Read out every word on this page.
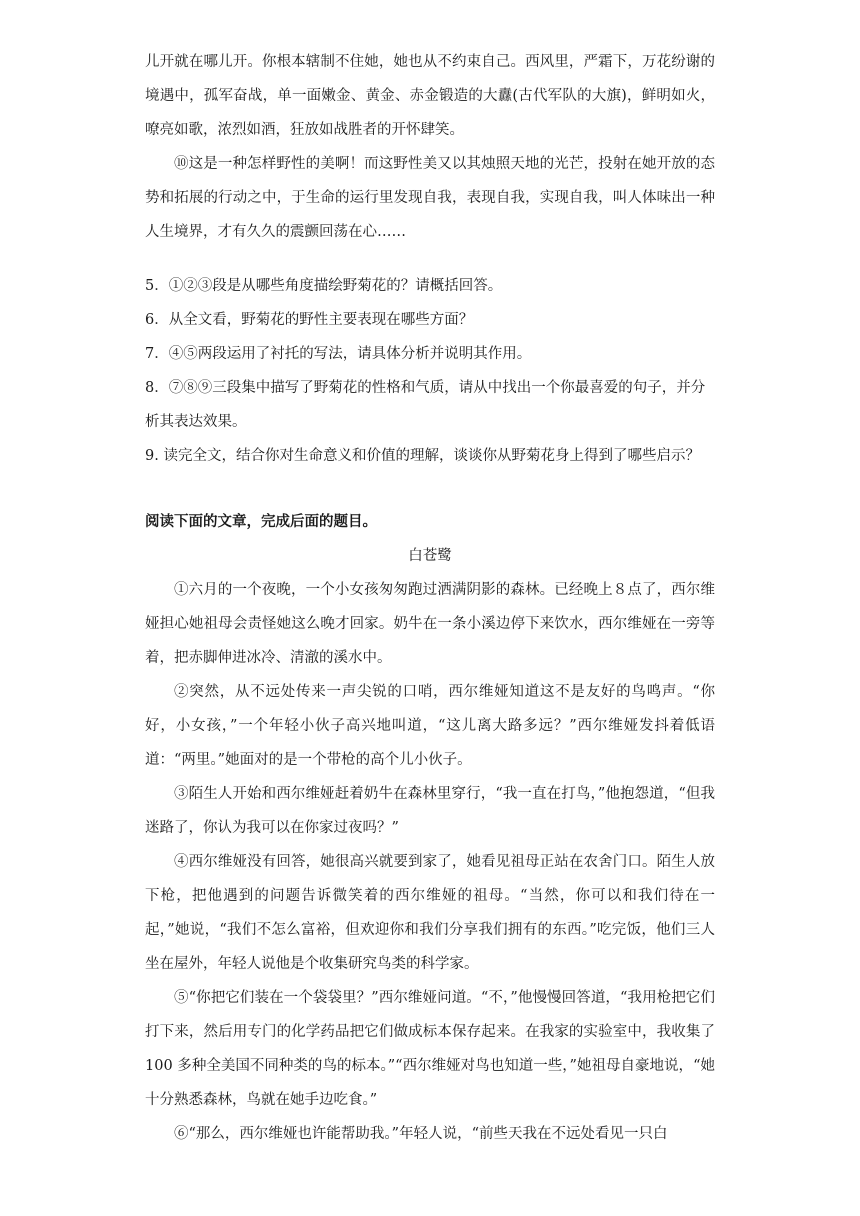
儿开就在哪儿开。你根本辖制不住她，她也从不约束自己。西风里，严霜下，万花纷谢的境遇中，孤军奋战，单一面嫩金、黄金、赤金锻造的大纛(古代军队的大旗)，鲜明如火，嘹亮如歌，浓烈如酒，狂放如战胜者的开怀肆笑。

⑩这是一种怎样野性的美啊！而这野性美又以其烛照天地的光芒，投射在她开放的态势和拓展的行动之中，于生命的运行里发现自我，表现自我，实现自我，叫人体味出一种人生境界，才有久久的震颤回荡在心……

5．①②③段是从哪些角度描绘野菊花的？请概括回答。

6．从全文看，野菊花的野性主要表现在哪些方面？

7．④⑤两段运用了衬托的写法，请具体分析并说明其作用。

8．⑦⑧⑨三段集中描写了野菊花的性格和气质，请从中找出一个你最喜爱的句子，并分析其表达效果。

9. 读完全文，结合你对生命意义和价值的理解，谈谈你从野菊花身上得到了哪些启示？

阅读下面的文章，完成后面的题目。

白苍鹭

①六月的一个夜晚，一个小女孩匆匆跑过洒满阴影的森林。已经晚上８点了，西尔维娅担心她祖母会责怪她这么晚才回家。奶牛在一条小溪边停下来饮水，西尔维娅在一旁等着，把赤脚伸进冰冷、清澈的溪水中。

②突然，从不远处传来一声尖锐的口哨，西尔维娅知道这不是友好的鸟鸣声。“你好，小女孩，”一个年轻小伙子高兴地叫道，“这儿离大路多远？”西尔维娅发抖着低语道：“两里。”她面对的是一个带枪的高个儿小伙子。

③陌生人开始和西尔维娅赶着奶牛在森林里穿行，“我一直在打鸟，”他抱怨道，“但我迷路了，你认为我可以在你家过夜吗？”

④西尔维娅没有回答，她很高兴就要到家了，她看见祖母正站在农舍门口。陌生人放下枪，把他遇到的问题告诉微笑着的西尔维娅的祖母。“当然，你可以和我们待在一起，”她说，“我们不怎么富裕，但欢迎你和我们分享我们拥有的东西。”吃完饭，他们三人坐在屋外，年轻人说他是个收集研究鸟类的科学家。

⑤“你把它们装在一个袋袋里？”西尔维娅问道。“不，”他慢慢回答道，“我用枪把它们打下来，然后用专门的化学药品把它们做成标本保存起来。在我家的实验室中，我收集了 100 多种全美国不同种类的鸟的标本。”“西尔维娅对鸟也知道一些，”她祖母自豪地说，“她十分熟悉森林，鸟就在她手边吃食。”

⑥“那么，西尔维娅也许能帮助我。”年轻人说，“前些天我在不远处看见一只白
